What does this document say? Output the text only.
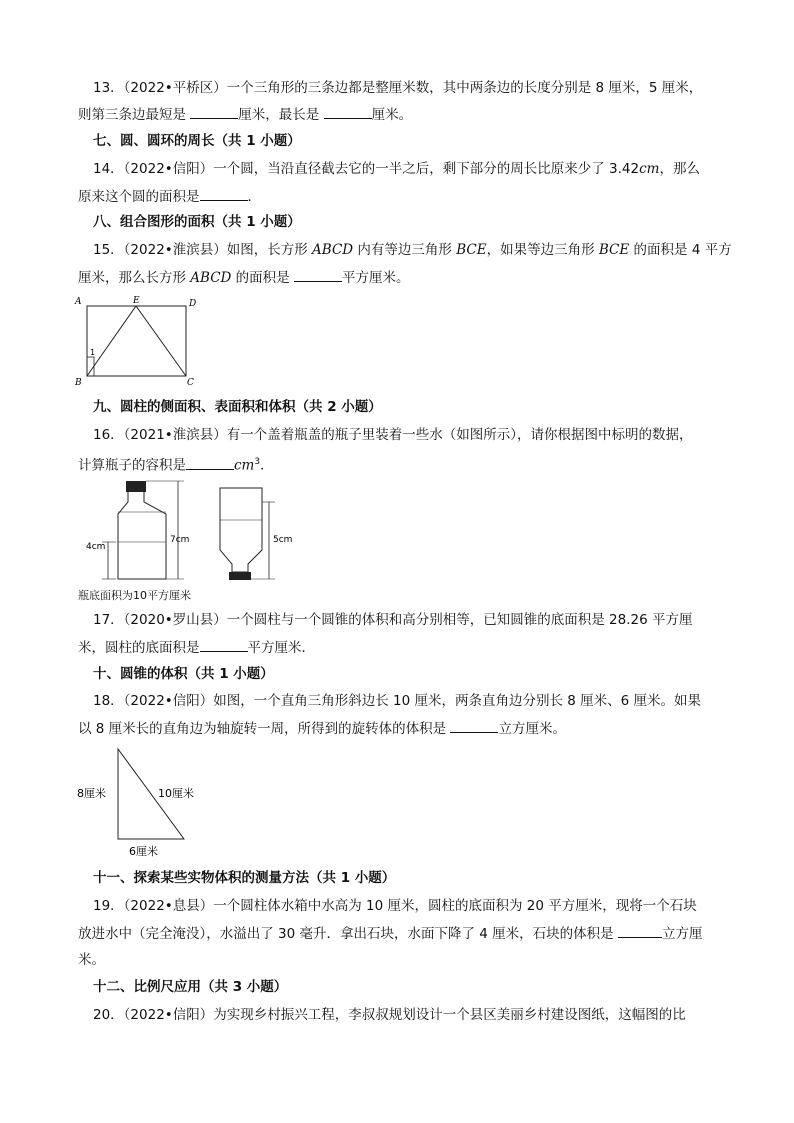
13．（2022•平桥区）一个三角形的三条边都是整厘米数，其中两条边的长度分别是 8 厘米，5 厘米，
则第三条边最短是	厘米，最长是	厘米。
七、圆、圆环的周长（共 1 小题）
14．（2022•信阳）一个圆，当沿直径截去它的一半之后，剩下部分的周长比原来少了 3.42cm，那么
原来这个圆的面积是	．
八、组合图形的面积（共 1 小题）
15．（2022•淮滨县）如图，长方形 ABCD 内有等边三角形 BCE，如果等边三角形 BCE 的面积是 4 平方
厘米，那么长方形 ABCD 的面积是	平方厘米。
A	E	D
B	C
1
九、圆柱的侧面积、表面积和体积（共 2 小题）
16．（2021•淮滨县）有一个盖着瓶盖的瓶子里装着一些水（如图所示），请你根据图中标明的数据，
计算瓶子的容积是	$cm^3$．
4cm
7cm	5cm
瓶底面积为10平方厘米
17．（2020•罗山县）一个圆柱与一个圆锥的体积和高分别相等，已知圆锥的底面积是 28.26 平方厘
米，圆柱的底面积是	平方厘米．
十、圆锥的体积（共 1 小题）
18．（2022•信阳）如图，一个直角三角形斜边长 10 厘米，两条直角边分别长 8 厘米、6 厘米。如果
以 8 厘米长的直角边为轴旋转一周，所得到的旋转体的体积是	立方厘米。
8厘米	10厘米
6厘米
十一、探索某些实物体积的测量方法（共 1 小题）
19．（2022•息县）一个圆柱体水箱中水高为 10 厘米，圆柱的底面积为 20 平方厘米，现将一个石块
放进水中（完全淹没），水溢出了 30 毫升．拿出石块，水面下降了 4 厘米，石块的体积是	立方厘
米。
十二、比例尺应用（共 3 小题）
20．（2022•信阳）为实现乡村振兴工程，李叔叔规划设计一个县区美丽乡村建设图纸，这幅图的比
